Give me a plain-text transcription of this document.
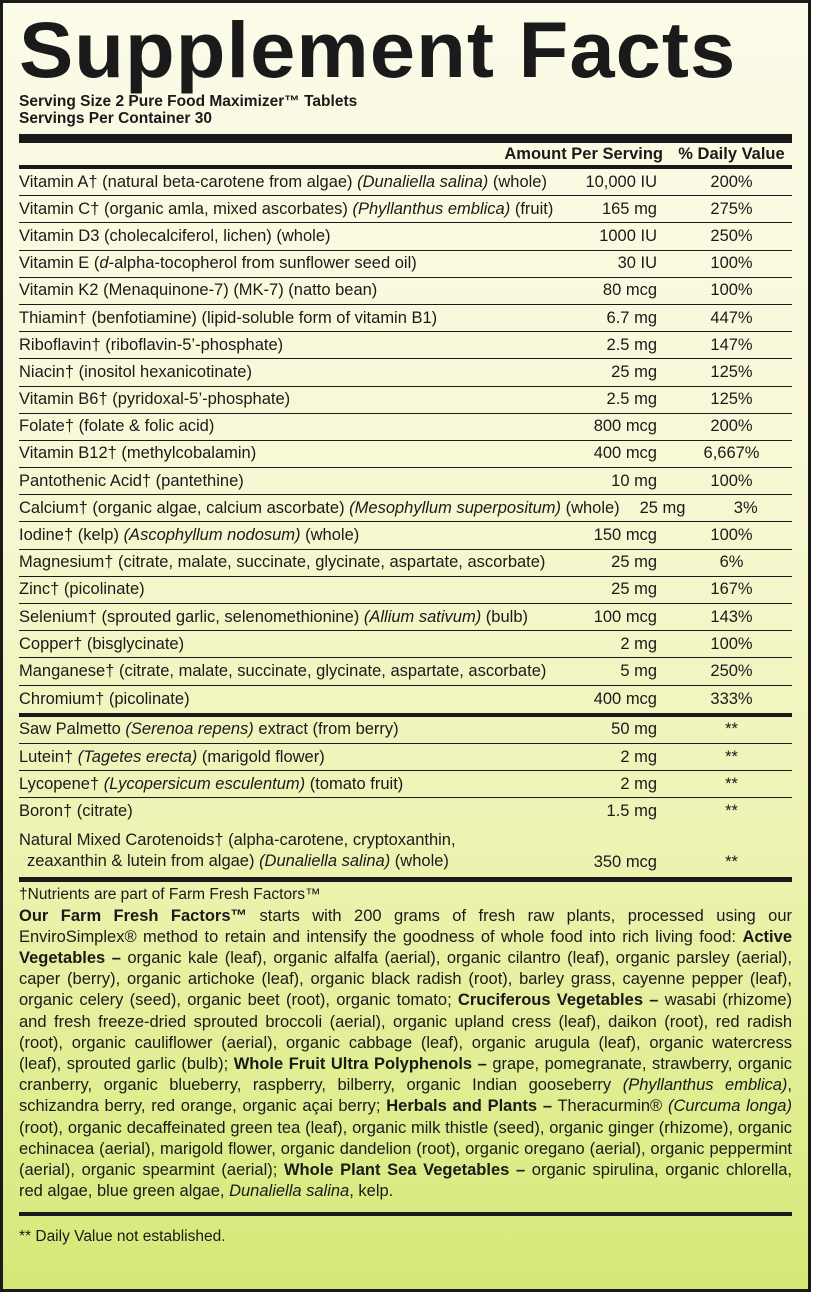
Supplement Facts
Serving Size 2 Pure Food Maximizer™ Tablets
Servings Per Container 30
Amount Per Serving % Daily Value
Vitamin A† (natural beta-carotene from algae) (Dunaliella salina) (whole)	10,000 IU	200%
Vitamin C† (organic amla, mixed ascorbates) (Phyllanthus emblica) (fruit)	165 mg	275%
Vitamin D3 (cholecalciferol, lichen) (whole)	1000 IU	250%
Vitamin E (d-alpha-tocopherol from sunflower seed oil)	30 IU	100%
Vitamin K2 (Menaquinone-7) (MK-7) (natto bean)	80 mcg	100%
Thiamin† (benfotiamine) (lipid-soluble form of vitamin B1)	6.7 mg	447%
Riboflavin† (riboflavin-5’-phosphate)	2.5 mg	147%
Niacin† (inositol hexanicotinate)	25 mg	125%
Vitamin B6† (pyridoxal-5’-phosphate)	2.5 mg	125%
Folate† (folate & folic acid)	800 mcg	200%
Vitamin B12† (methylcobalamin)	400 mcg	6,667%
Pantothenic Acid† (pantethine)	10 mg	100%
Calcium† (organic algae, calcium ascorbate) (Mesophyllum superpositum) (whole)	25 mg	3%
Iodine† (kelp) (Ascophyllum nodosum) (whole)	150 mcg	100%
Magnesium† (citrate, malate, succinate, glycinate, aspartate, ascorbate)	25 mg	6%
Zinc† (picolinate)	25 mg	167%
Selenium† (sprouted garlic, selenomethionine) (Allium sativum) (bulb)	100 mcg	143%
Copper† (bisglycinate)	2 mg	100%
Manganese† (citrate, malate, succinate, glycinate, aspartate, ascorbate)	5 mg	250%
Chromium† (picolinate)	400 mcg	333%
Saw Palmetto (Serenoa repens) extract (from berry)	50 mg	**
Lutein† (Tagetes erecta) (marigold flower)	2 mg	**
Lycopene† (Lycopersicum esculentum) (tomato fruit)	2 mg	**
Boron† (citrate)	1.5 mg	**
Natural Mixed Carotenoids† (alpha-carotene, cryptoxanthin,
zeaxanthin & lutein from algae) (Dunaliella salina) (whole)	350 mcg	**
†Nutrients are part of Farm Fresh Factors™
Our Farm Fresh Factors™ starts with 200 grams of fresh raw plants, processed using our EnviroSimplex® method to retain and intensify the goodness of whole food into rich living food: Active Vegetables – organic kale (leaf), organic alfalfa (aerial), organic cilantro (leaf), organic parsley (aerial), caper (berry), organic artichoke (leaf), organic black radish (root), barley grass, cayenne pepper (leaf), organic celery (seed), organic beet (root), organic tomato; Cruciferous Vegetables – wasabi (rhizome) and fresh freeze-dried sprouted broccoli (aerial), organic upland cress (leaf), daikon (root), red radish (root), organic cauliflower (aerial), organic cabbage (leaf), organic arugula (leaf), organic watercress (leaf), sprouted garlic (bulb); Whole Fruit Ultra Polyphenols – grape, pomegranate, strawberry, organic cranberry, organic blueberry, raspberry, bilberry, organic Indian gooseberry (Phyllanthus emblica), schizandra berry, red orange, organic açai berry; Herbals and Plants – Theracurmin® (Curcuma longa) (root), organic decaffeinated green tea (leaf), organic milk thistle (seed), organic ginger (rhizome), organic echinacea (aerial), marigold flower, organic dandelion (root), organic oregano (aerial), organic peppermint (aerial), organic spearmint (aerial); Whole Plant Sea Vegetables – organic spirulina, organic chlorella, red algae, blue green algae, Dunaliella salina, kelp.
** Daily Value not established.
